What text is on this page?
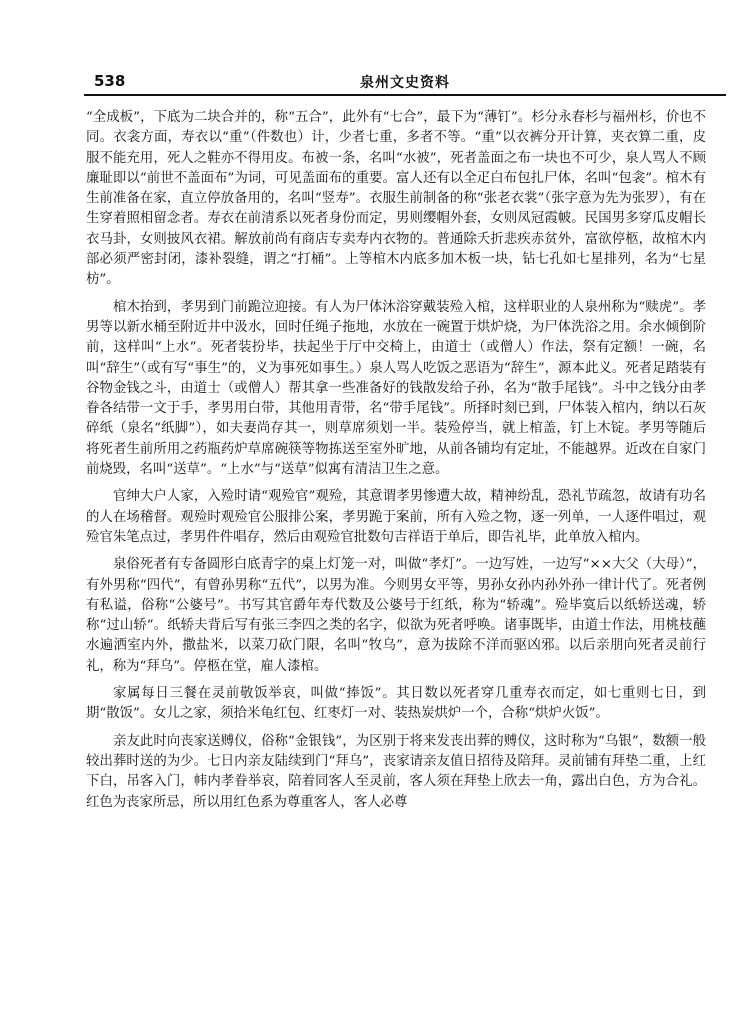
538	泉州文史资料

“全成板”，下底为二块合并的，称“五合”，此外有“七合”，最下为“薄钉”。杉分永春杉与福州杉，价也不同。衣衾方面，寿衣以“重”（件数也）计，少者七重，多者不等。“重”以衣裤分开计算，夹衣算二重，皮服不能充用，死人之鞋亦不得用皮。布被一条，名叫“水被”，死者盖面之布一块也不可少，泉人骂人不顾廉耻即以“前世不盖面布”为词，可见盖面布的重要。富人还有以全疋白布包扎尸体，名叫“包衾”。棺木有生前准备在家，直立停放备用的，名叫“竖寿”。衣服生前制备的称“张老衣裳”（张字意为先为张罗），有在生穿着照相留念者。寿衣在前清系以死者身份而定，男则缨帽外套，女则凤冠霞帔。民国男多穿瓜皮帽长衣马卦，女则披风衣裙。解放前尚有商店专卖寿内衣物的。普通除夭折悲疾赤贫外，富欲停柩，故棺木内部必须严密封闭，漆补裂缝，谓之“打桶”。上等棺木内底多加木板一块，钻七孔如七星排列，名为“七星枋”。

棺木抬到，孝男到门前跪泣迎接。有人为尸体沐浴穿戴装殓入棺，这样职业的人泉州称为“赎虎”。孝男等以新水桶至附近井中汲水，回时任绳子拖地，水放在一碗置于烘炉烧，为尸体洗浴之用。余水倾倒阶前，这样叫“上水”。死者装扮毕，扶起坐于厅中交椅上，由道士（或僧人）作法，祭有定额！一碗，名叫“辞生”（或有写“事生”的，义为事死如事生。）泉人骂人吃饭之恶语为“辞生”，源本此义。死者足踏装有谷物金钱之斗，由道士（或僧人）帮其拿一些准备好的钱散发给子孙，名为“散手尾钱”。斗中之钱分由孝眷各结带一文于手，孝男用白带，其他用青带，名“带手尾钱”。所择时刻已到，尸体装入棺内，纳以石灰碎纸（泉名“纸脚”），如夫妻尚存其一，则草席须划一半。装殓停当，就上棺盖，钉上木锭。孝男等随后将死者生前所用之药瓶药炉草席碗筷等物拣送至室外旷地，从前各铺均有定址，不能越界。近改在自家门前烧毁，名叫“送草”。“上水”与“送草”似寓有清洁卫生之意。

官绅大户人家，入殓时请“观殓官”观殓，其意谓孝男惨遭大故，精神纷乱，恐礼节疏忽，故请有功名的人在场稽督。观殓时观殓官公服排公案，孝男跪于案前，所有入殓之物，逐一列单，一人逐件唱过，观殓官朱笔点过，孝男件件唱存，然后由观殓官批数句吉祥语于单后，即告礼毕，此单放入棺内。

泉俗死者有专备圆形白底青字的桌上灯笼一对，叫做“孝灯”。一边写姓，一边写“××大父（大母）”，有外男称“四代”，有曾孙男称“五代”，以男为准。今则男女平等，男孙女孙内孙外孙一律计代了。死者例有私谥，俗称“公婆号”。书写其官爵年寿代数及公婆号于红纸，称为“轿魂”。殓毕寞后以纸轿送魂，轿称“过山轿”。纸轿夫背后写有张三李四之类的名字，似欲为死者呼唤。诸事既毕，由道士作法，用桃枝蘸水遍洒室内外，撒盐米，以菜刀砍门限，名叫“牧乌”，意为拔除不洋而驱凶邪。以后亲朋向死者灵前行礼，称为“拜乌”。停柩在堂，雇人漆棺。

家属每日三餐在灵前敬饭举哀，叫做“捧饭”。其日数以死者穿几重寿衣而定，如七重则七日，到期“散饭”。女儿之家，须拾米龟红包、红枣灯一对、装热炭烘炉一个，合称“烘炉火饭”。

亲友此时向丧家送赙仪，俗称“金银钱”，为区别于将来发丧出葬的赙仪，这时称为“乌银”，数额一般较出葬时送的为少。七日内亲友陆续到门“拜乌”，丧家请亲友值日招待及陪拜。灵前铺有拜垫二重，上红下白，吊客入门，帏内孝眷举哀，陪着同客人至灵前，客人须在拜垫上欣去一角，露出白色，方为合礼。红色为丧家所忌，所以用红色系为尊重客人，客人必尊
